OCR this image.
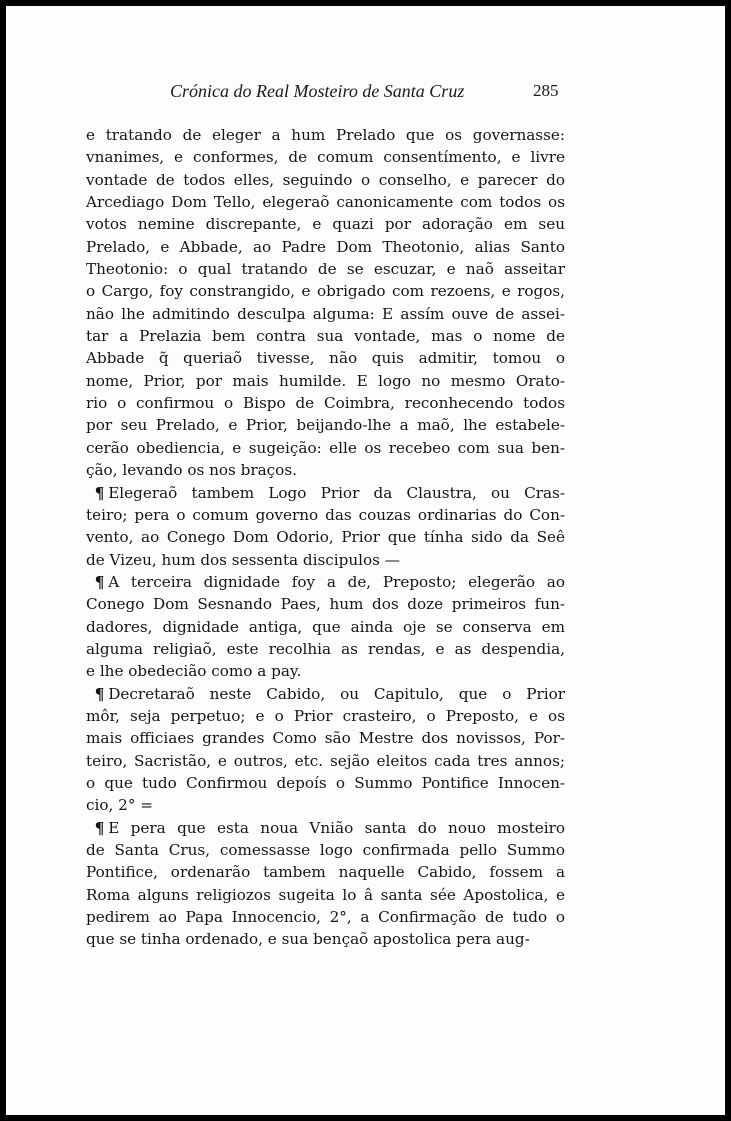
Crónica do Real Mosteiro de Santa Cruz	285
e tratando de eleger a hum Prelado que os governasse:
vnanimes, e conformes, de comum consentímento, e livre
vontade de todos elles, seguindo o conselho, e parecer do
Arcediago Dom Tello, elegeraõ canonicamente com todos os
votos nemine discrepante, e quazi por adoração em seu
Prelado, e Abbade, ao Padre Dom Theotonio, alias Santo
Theotonio: o qual tratando de se escuzar, e naõ asseitar
o Cargo, foy constrangido, e obrigado com rezoens, e rogos,
não lhe admitindo desculpa alguma: E assím ouve de assei-
tar a Prelazia bem contra sua vontade, mas o nome de
Abbade q̃ queriaõ tivesse, não quis admitir, tomou o
nome, Prior, por mais humilde. E logo no mesmo Orato-
rio o confirmou o Bispo de Coimbra, reconhecendo todos
por seu Prelado, e Prior, beijando-lhe a maõ, lhe estabele-
cerão obediencia, e sugeição: elle os recebeo com sua ben-
ção, levando os nos braços.
¶ Elegeraõ tambem Logo Prior da Claustra, ou Cras-
teiro; pera o comum governo das couzas ordinarias do Con-
vento, ao Conego Dom Odorio, Prior que tínha sido da Seê
de Vizeu, hum dos sessenta discipulos —
¶ A terceira dignidade foy a de, Preposto; elegerão ao
Conego Dom Sesnando Paes, hum dos doze primeiros fun-
dadores, dignidade antiga, que ainda oje se conserva em
alguma religiaõ, este recolhia as rendas, e as despendia,
e lhe obedecião como a pay.
¶ Decretaraõ neste Cabido, ou Capitulo, que o Prior
môr, seja perpetuo; e o Prior crasteiro, o Preposto, e os
mais officiaes grandes Como são Mestre dos novissos, Por-
teiro, Sacristão, e outros, etc. sejão eleitos cada tres annos;
o que tudo Confirmou depoís o Summo Pontifice Innocen-
cio, 2° =
¶ E pera que esta noua Vnião santa do nouo mosteiro
de Santa Crus, comessasse logo confirmada pello Summo
Pontifice, ordenarão tambem naquelle Cabido, fossem a
Roma alguns religiozos sugeita lo â santa sée Apostolica, e
pedirem ao Papa Innocencio, 2°, a Confirmação de tudo o
que se tinha ordenado, e sua bençaõ apostolica pera aug-
